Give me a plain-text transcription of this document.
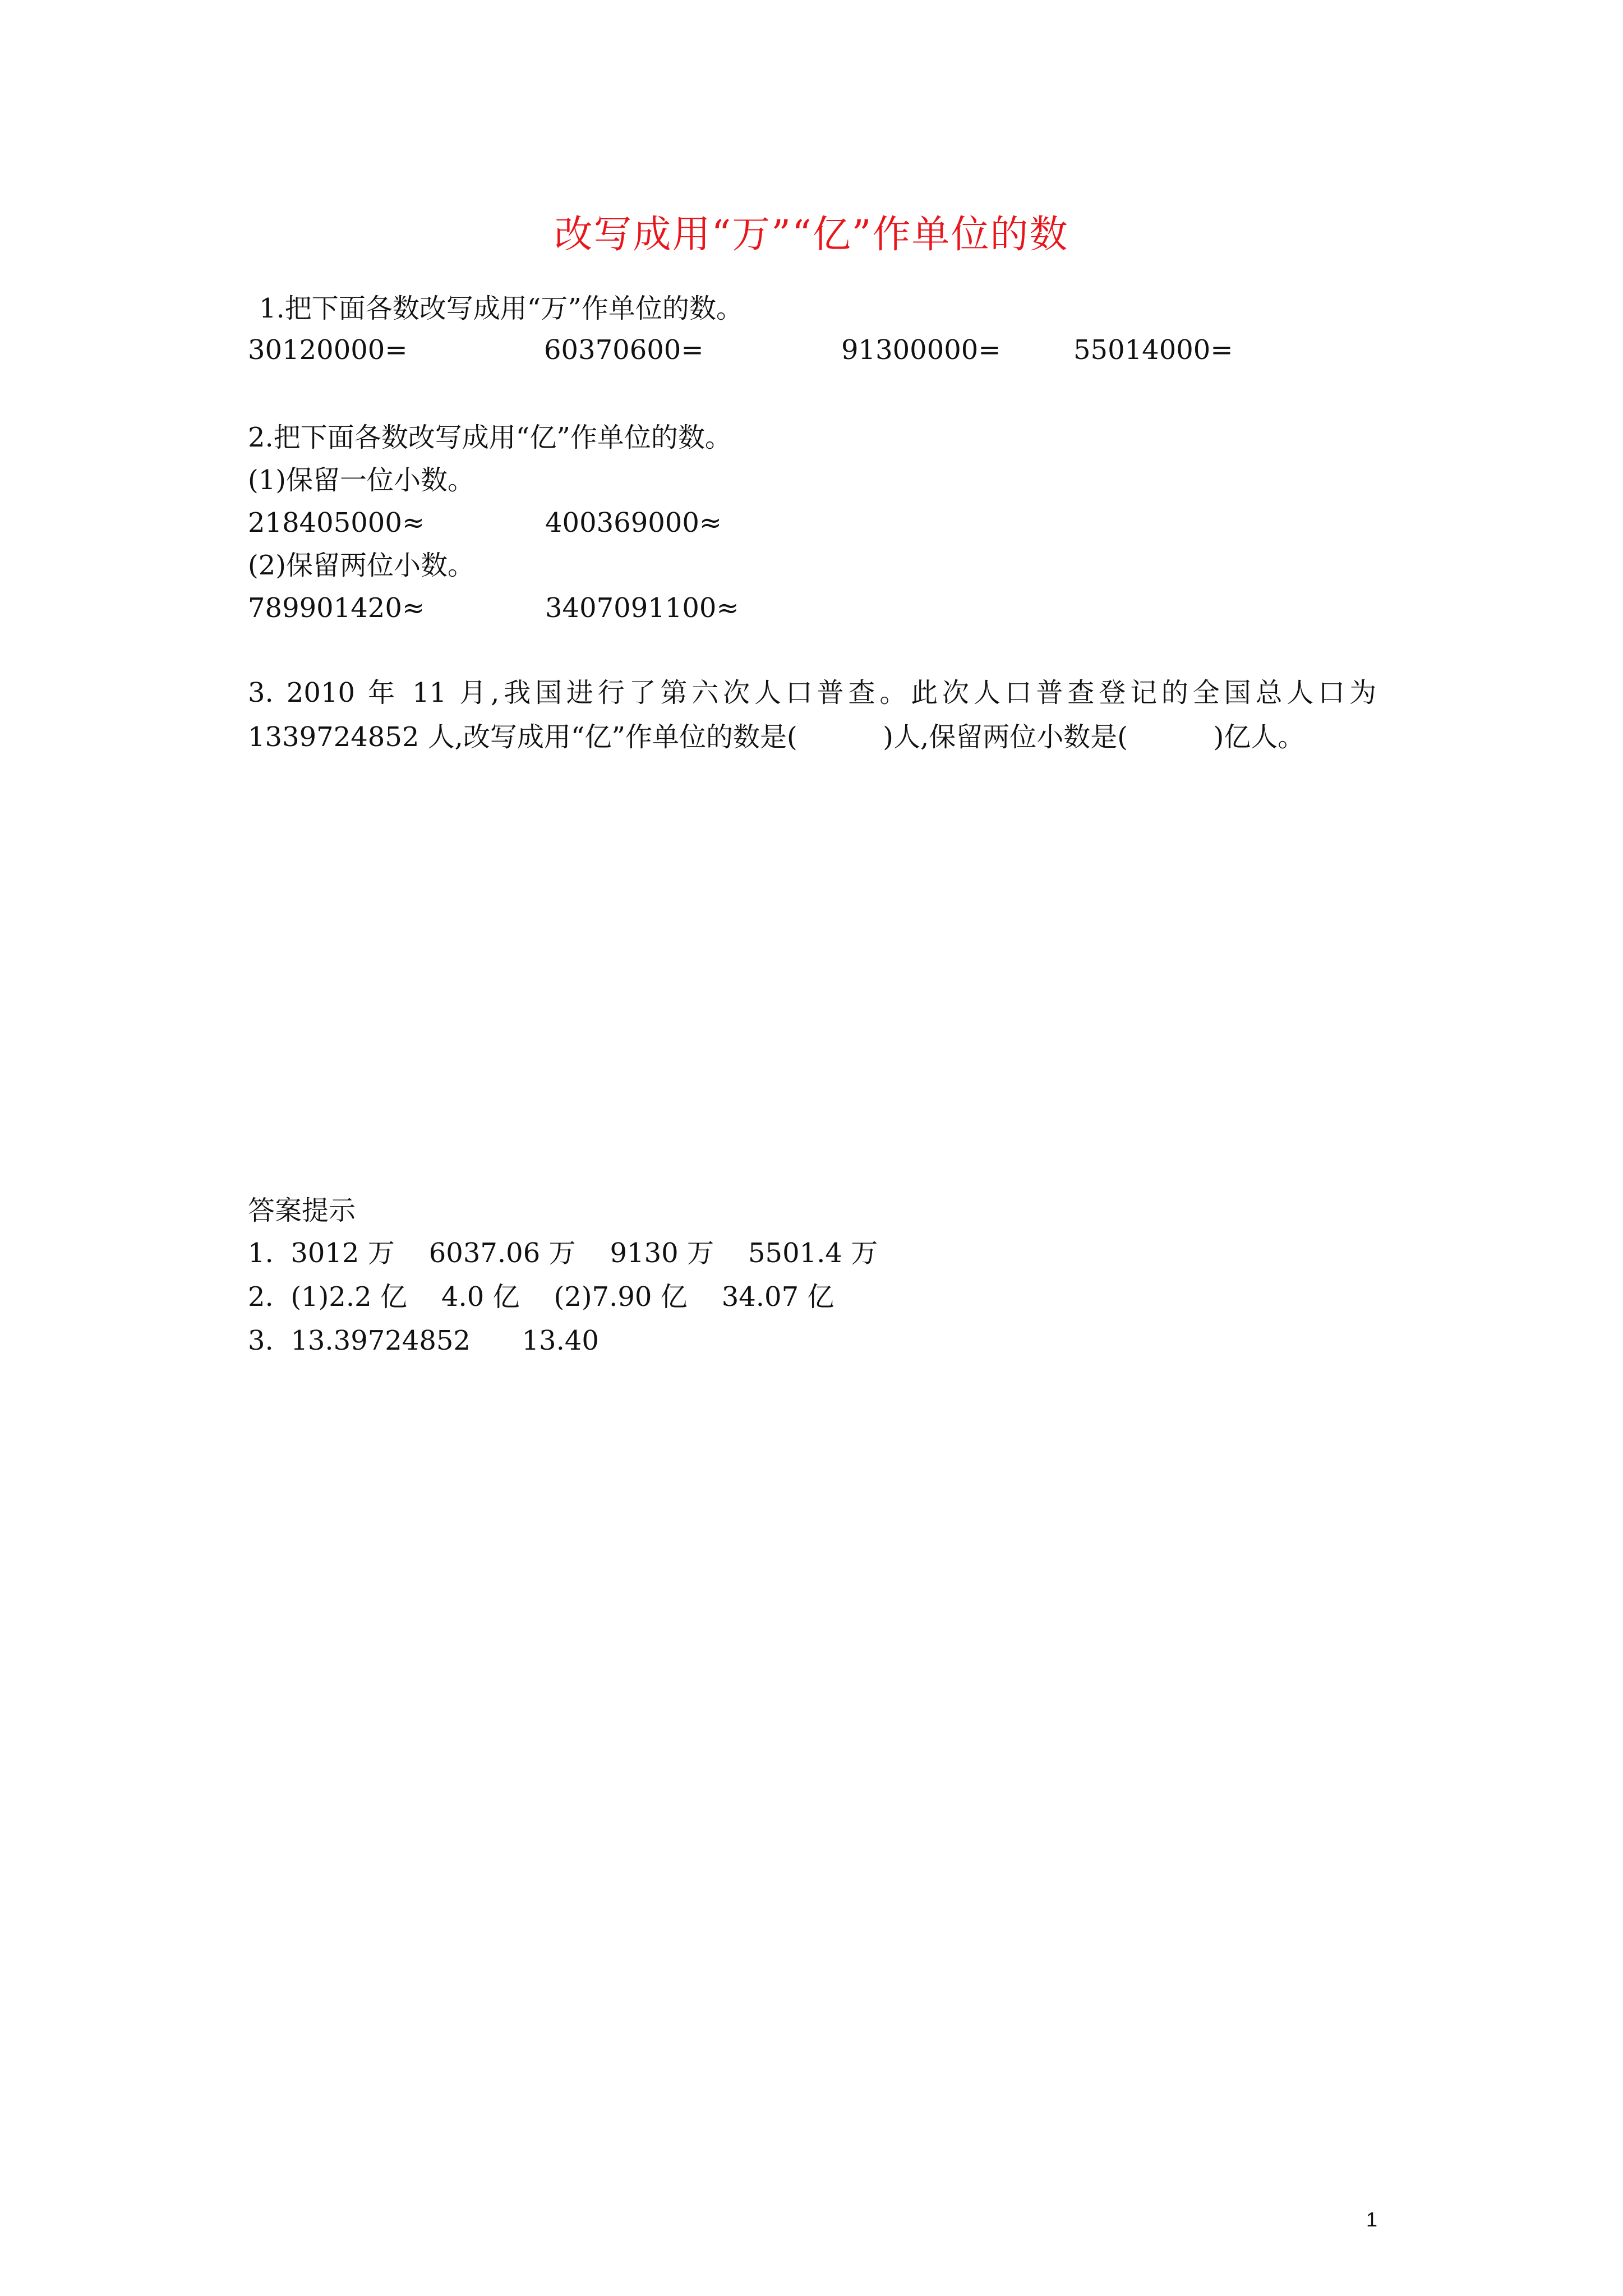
改写成用“万”“亿”作单位的数
1.把下面各数改写成用“万”作单位的数。
30120000=	60370600=	91300000=	55014000=
2.把下面各数改写成用“亿”作单位的数。
(1)保留一位小数。
218405000≈	400369000≈
(2)保留两位小数。
789901420≈	3407091100≈
3. 2010 年 11 月,我国进行了第六次人口普查。此次人口普查登记的全国总人口为
1339724852 人,改写成用“亿”作单位的数是(          )人,保留两位小数是(          )亿人。
答案提示
1.  3012 万    6037.06 万    9130 万    5501.4 万
2.  (1)2.2 亿    4.0 亿    (2)7.90 亿    34.07 亿
3.  13.39724852      13.40
1
